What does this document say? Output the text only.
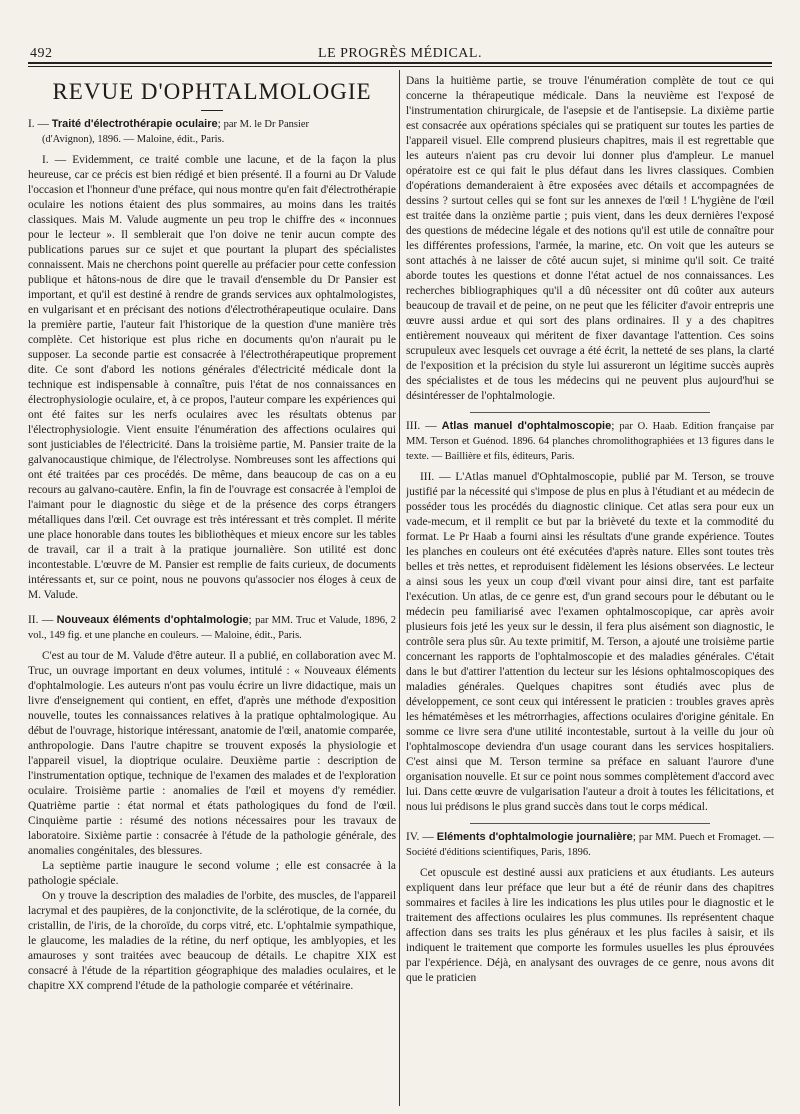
492	LE PROGRÈS MÉDICAL.
REVUE D'OPHTALMOLOGIE
I. — Traité d'électrothérapie oculaire; par M. le Dr Pansier
(d'Avignon), 1896. — Maloine, édit., Paris.

I. — Evidemment, ce traité comble une lacune, et de la façon la plus heureuse, car ce précis est bien rédigé et bien présenté. Il a fourni au Dr Valude l'occasion et l'honneur d'une préface, qui nous montre qu'en fait d'électrothérapie oculaire les notions étaient des plus sommaires, au moins dans les traités classiques. Mais M. Valude augmente un peu trop le chiffre des « inconnues pour le lecteur ». Il semblerait que l'on doive ne tenir aucun compte des publications parues sur ce sujet et que pourtant la plupart des spécialistes connaissent. Mais ne cherchons point querelle au préfacier pour cette confession publique et hâtons-nous de dire que le travail d'ensemble du Dr Pansier est important, et qu'il est destiné à rendre de grands services aux ophtalmologistes, en vulgarisant et en précisant des notions d'électrothérapeutique oculaire. Dans la première partie, l'auteur fait l'historique de la question d'une manière très complète. Cet historique est plus riche en documents qu'on n'aurait pu le supposer. La seconde partie est consacrée à l'électrothérapeutique proprement dite. Ce sont d'abord les notions générales d'électricité médicale dont la technique est indispensable à connaître, puis l'état de nos connaissances en électrophysiologie oculaire, et, à ce propos, l'auteur compare les expériences qui ont été faites sur les nerfs oculaires avec les résultats obtenus par l'électrophysiologie. Vient ensuite l'énumération des affections oculaires qui sont justiciables de l'électricité. Dans la troisième partie, M. Pansier traite de la galvanocaustique chimique, de l'électrolyse. Nombreuses sont les affections qui ont été traitées par ces procédés. De même, dans beaucoup de cas on a eu recours au galvano-cautère. Enfin, la fin de l'ouvrage est consacrée à l'emploi de l'aimant pour le diagnostic du siège et de la présence des corps étrangers métalliques dans l'œil. Cet ouvrage est très intéressant et très complet. Il mérite une place honorable dans toutes les bibliothèques et mieux encore sur les tables de travail, car il a trait à la pratique journalière. Son utilité est donc incontestable. L'œuvre de M. Pansier est remplie de faits curieux, de documents intéressants et, sur ce point, nous ne pouvons qu'associer nos éloges à ceux de M. Valude.

II. — Nouveaux éléments d'ophtalmologie; par MM. Truc et Valude, 1896, 2 vol., 149 fig. et une planche en couleurs. — Maloine, édit., Paris.

C'est au tour de M. Valude d'être auteur. Il a publié, en collaboration avec M. Truc, un ouvrage important en deux volumes, intitulé : « Nouveaux éléments d'ophtalmologie. Les auteurs n'ont pas voulu écrire un livre didactique, mais un livre d'enseignement qui contient, en effet, d'après une méthode d'exposition nouvelle, toutes les connaissances relatives à la pratique ophtalmologique. Au début de l'ouvrage, historique intéressant, anatomie de l'œil, anatomie comparée, anthropologie. Dans l'autre chapitre se trouvent exposés la physiologie et l'appareil visuel, la dioptrique oculaire. Deuxième partie : description de l'instrumentation optique, technique de l'examen des malades et de l'exploration oculaire. Troisième partie : anomalies de l'œil et moyens d'y remédier. Quatrième partie : état normal et états pathologiques du fond de l'œil. Cinquième partie : résumé des notions nécessaires pour les travaux de laboratoire. Sixième partie : consacrée à l'étude de la pathologie générale, des anomalies congénitales, des blessures.

La septième partie inaugure le second volume ; elle est consacrée à la pathologie spéciale.

On y trouve la description des maladies de l'orbite, des muscles, de l'appareil lacrymal et des paupières, de la conjonctivite, de la sclérotique, de la cornée, du cristallin, de l'iris, de la choroïde, du corps vitré, etc. L'ophtalmie sympathique, le glaucome, les maladies de la rétine, du nerf optique, les amblyopies, et les amauroses y sont traitées avec beaucoup de détails. Le chapitre XIX est consacré à l'étude de la répartition géographique des maladies oculaires, et le chapitre XX comprend l'étude de la pathologie comparée et vétérinaire.

Dans la huitième partie, se trouve l'énumération complète de tout ce qui concerne la thérapeutique médicale. Dans la neuvième est l'exposé de l'instrumentation chirurgicale, de l'asepsie et de l'antisepsie. La dixième partie est consacrée aux opérations spéciales qui se pratiquent sur toutes les parties de l'appareil visuel. Elle comprend plusieurs chapitres, mais il est regrettable que les auteurs n'aient pas cru devoir lui donner plus d'ampleur. Le manuel opératoire est ce qui fait le plus défaut dans les livres classiques. Combien d'opérations demanderaient à être exposées avec détails et accompagnées de dessins ? surtout celles qui se font sur les annexes de l'œil ! L'hygiène de l'œil est traitée dans la onzième partie ; puis vient, dans les deux dernières l'exposé des questions de médecine légale et des notions qu'il est utile de connaître pour les différentes professions, l'armée, la marine, etc. On voit que les auteurs se sont attachés à ne laisser de côté aucun sujet, si minime qu'il soit. Ce traité aborde toutes les questions et donne l'état actuel de nos connaissances. Les recherches bibliographiques qu'il a dû nécessiter ont dû coûter aux auteurs beaucoup de travail et de peine, on ne peut que les féliciter d'avoir entrepris une œuvre aussi ardue et qui sort des plans ordinaires. Il y a des chapitres entièrement nouveaux qui méritent de fixer davantage l'attention. Ces soins scrupuleux avec lesquels cet ouvrage a été écrit, la netteté de ses plans, la clarté de l'exposition et la précision du style lui assureront un légitime succès auprès des spécialistes et de tous les médecins qui ne peuvent plus aujourd'hui se désintéresser de l'ophtalmologie.

III. — Atlas manuel d'ophtalmoscopie; par O. Haab. Edition française par MM. Terson et Guénod. 1896. 64 planches chromolithographiées et 13 figures dans le texte. — Baillière et fils, éditeurs, Paris.

III. — L'Atlas manuel d'Ophtalmoscopie, publié par M. Terson, se trouve justifié par la nécessité qui s'impose de plus en plus à l'étudiant et au médecin de posséder tous les procédés du diagnostic clinique. Cet atlas sera pour eux un vade-mecum, et il remplit ce but par la brièveté du texte et la commodité du format. Le Pr Haab a fourni ainsi les résultats d'une grande expérience. Toutes les planches en couleurs ont été exécutées d'après nature. Elles sont toutes très belles et très nettes, et reproduisent fidèlement les lésions observées. Le lecteur a ainsi sous les yeux un coup d'œil vivant pour ainsi dire, tant est parfaite l'exécution. Un atlas, de ce genre est, d'un grand secours pour le débutant ou le médecin peu familiarisé avec l'examen ophtalmoscopique, car après avoir plusieurs fois jeté les yeux sur le dessin, il fera plus aisément son diagnostic, le contrôle sera plus sûr. Au texte primitif, M. Terson, a ajouté une troisième partie concernant les rapports de l'ophtalmoscopie et des maladies générales. C'était dans le but d'attirer l'attention du lecteur sur les lésions ophtalmoscopiques des maladies générales. Quelques chapitres sont étudiés avec plus de développement, ce sont ceux qui intéressent le praticien : troubles graves après les hématémèses et les métrorrhagies, affections oculaires d'origine génitale. En somme ce livre sera d'une utilité incontestable, surtout à la veille du jour où l'ophtalmoscope deviendra d'un usage courant dans les services hospitaliers. C'est ainsi que M. Terson termine sa préface en saluant l'aurore d'une organisation nouvelle. Et sur ce point nous sommes complètement d'accord avec lui. Dans cette œuvre de vulgarisation l'auteur a droit à toutes les félicitations, et nous lui prédisons le plus grand succès dans tout le corps médical.

IV. — Eléments d'ophtalmologie journalière; par MM. Puech et Fromaget. — Société d'éditions scientifiques, Paris, 1896.

Cet opuscule est destiné aussi aux praticiens et aux étudiants. Les auteurs expliquent dans leur préface que leur but a été de réunir dans des chapitres sommaires et faciles à lire les indications les plus utiles pour le diagnostic et le traitement des affections oculaires les plus communes. Ils représentent chaque affection dans ses traits les plus généraux et les plus faciles à saisir, et ils indiquent le traitement que comporte les formules usuelles les plus éprouvées par l'expérience. Déjà, en analysant des ouvrages de ce genre, nous avons dit que le praticien
